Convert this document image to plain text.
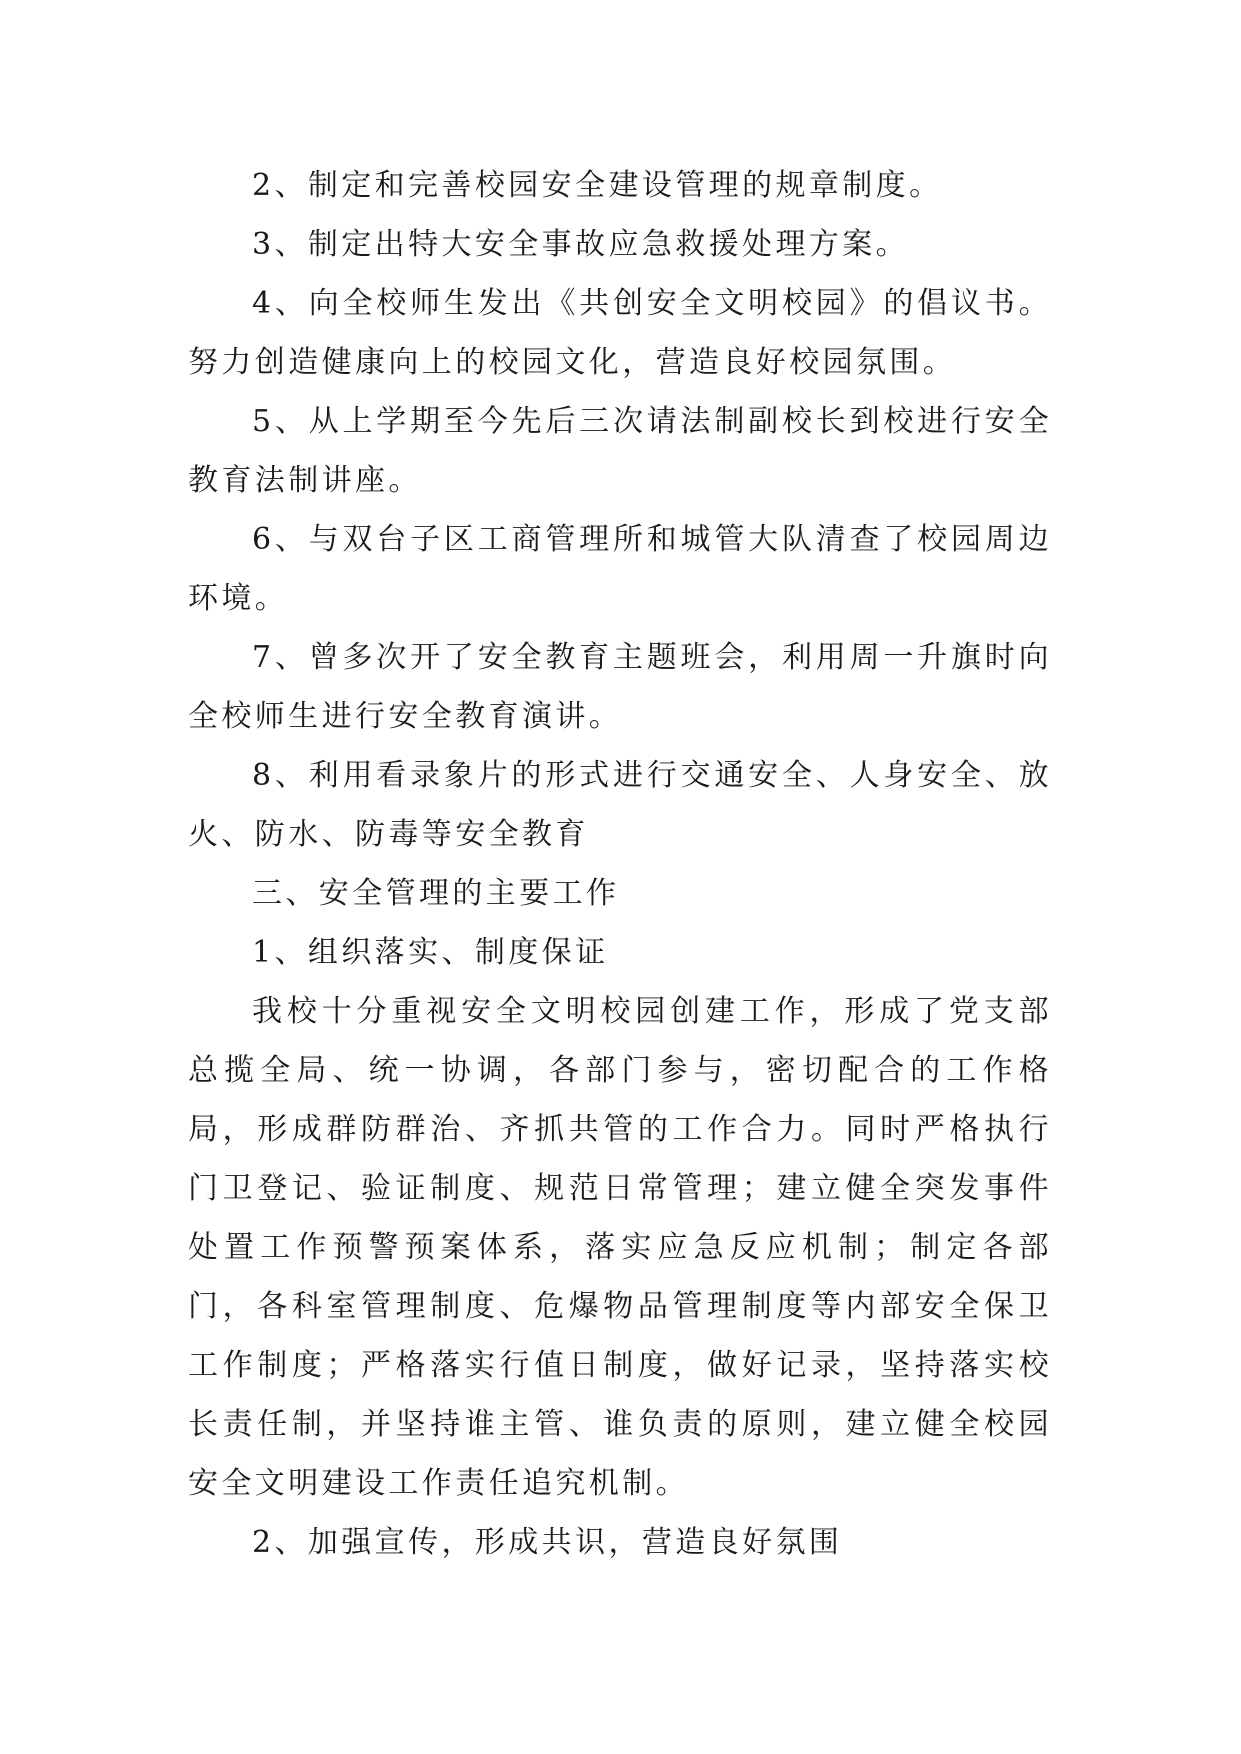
2、制定和完善校园安全建设管理的规章制度。

3、制定出特大安全事故应急救援处理方案。

4、向全校师生发出《共创安全文明校园》的倡议书。努力创造健康向上的校园文化，营造良好校园氛围。

5、从上学期至今先后三次请法制副校长到校进行安全教育法制讲座。

6、与双台子区工商管理所和城管大队清查了校园周边环境。

7、曾多次开了安全教育主题班会，利用周一升旗时向全校师生进行安全教育演讲。

8、利用看录象片的形式进行交通安全、人身安全、放火、防水、防毒等安全教育

三、安全管理的主要工作

1、组织落实、制度保证

我校十分重视安全文明校园创建工作，形成了党支部总揽全局、统一协调，各部门参与，密切配合的工作格局，形成群防群治、齐抓共管的工作合力。同时严格执行门卫登记、验证制度、规范日常管理；建立健全突发事件处置工作预警预案体系，落实应急反应机制；制定各部门，各科室管理制度、危爆物品管理制度等内部安全保卫工作制度；严格落实行值日制度，做好记录，坚持落实校长责任制，并坚持谁主管、谁负责的原则，建立健全校园安全文明建设工作责任追究机制。

2、加强宣传，形成共识，营造良好氛围
